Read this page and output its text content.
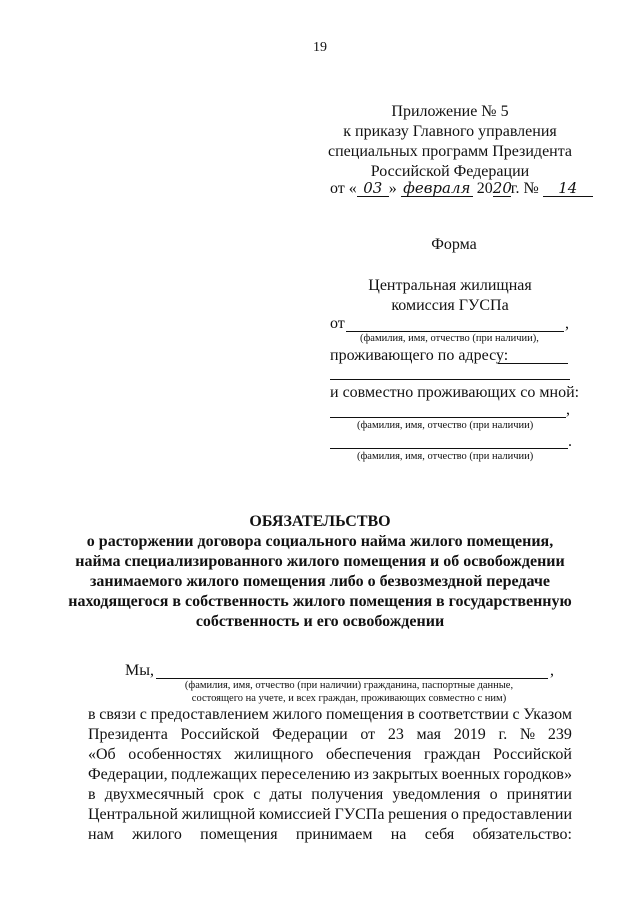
19
Приложение № 5
к приказу Главного управления
специальных программ Президента
Российской Федерации
от « 03 » февраля 2020г. № 14
Форма
Центральная жилищная
комиссия ГУСПа
от	,
(фамилия, имя, отчество (при наличии),
проживающего по адресу:
и совместно проживающих со мной:
,
(фамилия, имя, отчество (при наличии)
.
(фамилия, имя, отчество (при наличии)
ОБЯЗАТЕЛЬСТВО
о расторжении договора социального найма жилого помещения,
найма специализированного жилого помещения и об освобождении
занимаемого жилого помещения либо о безвозмездной передаче
находящегося в собственность жилого помещения в государственную
собственность и его освобождении
Мы,	,
(фамилия, имя, отчество (при наличии) гражданина, паспортные данные,
состоящего на учете, и всех граждан, проживающих совместно с ним)
в связи с предоставлением жилого помещения в соответствии с Указом
Президента Российской Федерации от 23 мая 2019 г. № 239
«Об особенностях жилищного обеспечения граждан Российской
Федерации, подлежащих переселению из закрытых военных городков»
в двухмесячный срок с даты получения уведомления о принятии
Центральной жилищной комиссией ГУСПа решения о предоставлении
нам жилого помещения принимаем на себя обязательство:
